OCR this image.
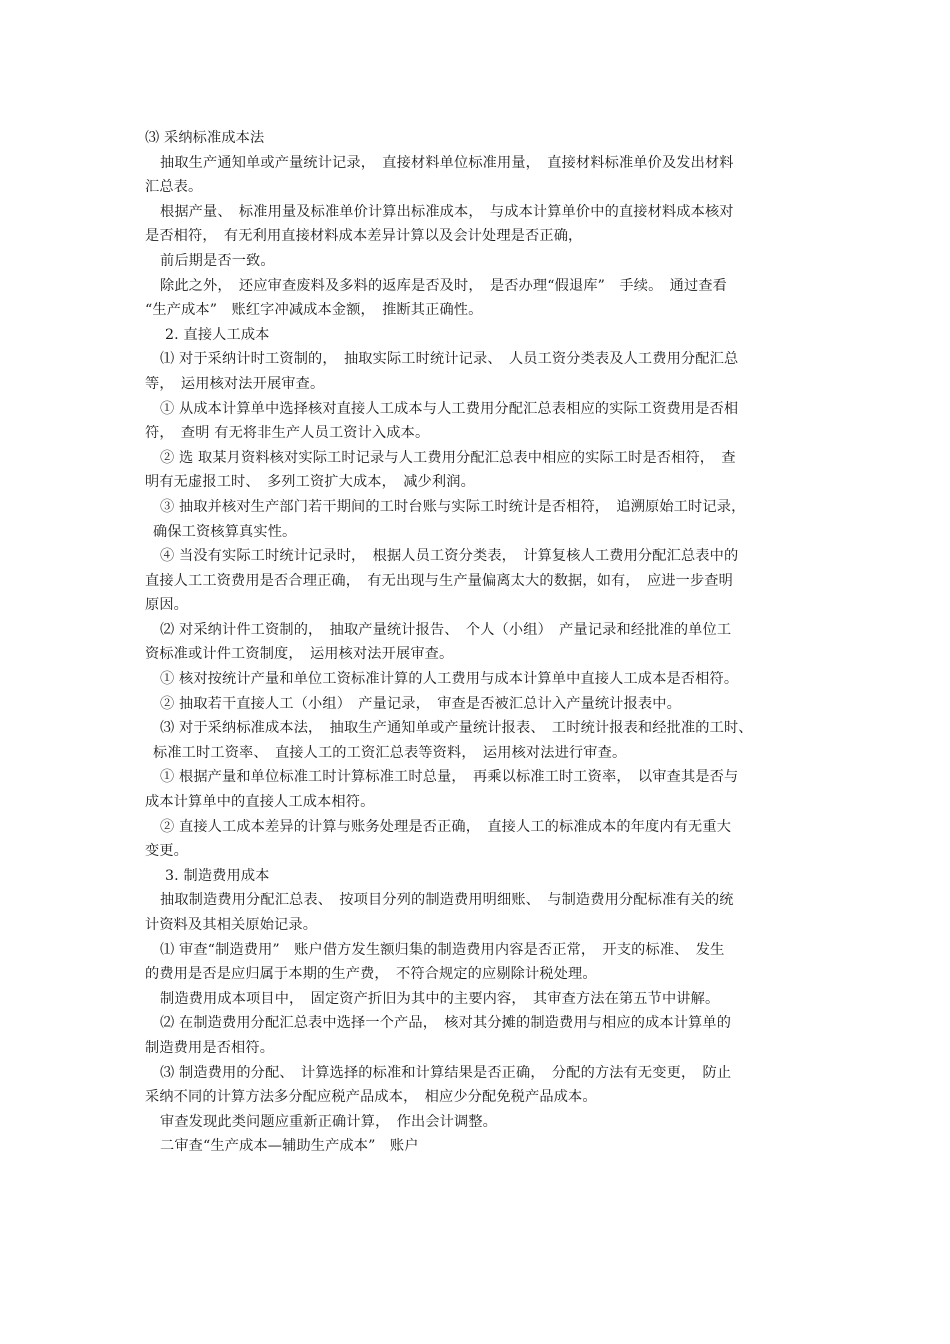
⑶ 采纳标准成本法
抽取生产通知单或产量统计记录，　直接材料单位标准用量，　直接材料标准单价及发出材料
汇总表。
根据产量、　标准用量及标准单价计算出标准成本，　与成本计算单价中的直接材料成本核对
是否相符，　有无利用直接材料成本差异计算以及会计处理是否正确，
前后期是否一致。
除此之外，　还应审查废料及多料的返库是否及时，　是否办理“假退库”　手续。　通过查看
“生产成本”　账红字冲减成本金额，　推断其正确性。
2. 直接人工成本
⑴ 对于采纳计时工资制的，　抽取实际工时统计记录、　人员工资分类表及人工费用分配汇总
等，　运用核对法开展审查。
① 从成本计算单中选择核对直接人工成本与人工费用分配汇总表相应的实际工资费用是否相
符，　查明 有无将非生产人员工资计入成本。
② 选 取某月资料核对实际工时记录与人工费用分配汇总表中相应的实际工时是否相符，　查
明有无虚报工时、　多列工资扩大成本，　减少利润。
③ 抽取并核对生产部门若干期间的工时台账与实际工时统计是否相符，　追溯原始工时记录，
确保工资核算真实性。
④ 当没有实际工时统计记录时，　根据人员工资分类表，　计算复核人工费用分配汇总表中的
直接人工工资费用是否合理正确，　有无出现与生产量偏离太大的数据，如有，　应进一步查明
原因。
⑵ 对采纳计件工资制的，　抽取产量统计报告、　个人（小组）　产量记录和经批准的单位工
资标准或计件工资制度，　运用核对法开展审查。
① 核对按统计产量和单位工资标准计算的人工费用与成本计算单中直接人工成本是否相符。
② 抽取若干直接人工（小组）　产量记录，　审查是否被汇总计入产量统计报表中。
⑶ 对于采纳标准成本法，　抽取生产通知单或产量统计报表、　工时统计报表和经批准的工时、
标准工时工资率、　直接人工的工资汇总表等资料，　运用核对法进行审查。
① 根据产量和单位标准工时计算标准工时总量，　再乘以标准工时工资率，　以审查其是否与
成本计算单中的直接人工成本相符。
② 直接人工成本差异的计算与账务处理是否正确，　直接人工的标准成本的年度内有无重大
变更。
3. 制造费用成本
抽取制造费用分配汇总表、　按项目分列的制造费用明细账、　与制造费用分配标准有关的统
计资料及其相关原始记录。
⑴ 审查“制造费用”　账户借方发生额归集的制造费用内容是否正常，　开支的标准、　发生
的费用是否是应归属于本期的生产费，　不符合规定的应剔除计税处理。
制造费用成本项目中，　固定资产折旧为其中的主要内容，　其审查方法在第五节中讲解。
⑵ 在制造费用分配汇总表中选择一个产品，　核对其分摊的制造费用与相应的成本计算单的
制造费用是否相符。
⑶ 制造费用的分配、　计算选择的标准和计算结果是否正确，　分配的方法有无变更，　防止
采纳不同的计算方法多分配应税产品成本，　相应少分配免税产品成本。
审查发现此类问题应重新正确计算，　作出会计调整。
二审查“生产成本—辅助生产成本”　账户
